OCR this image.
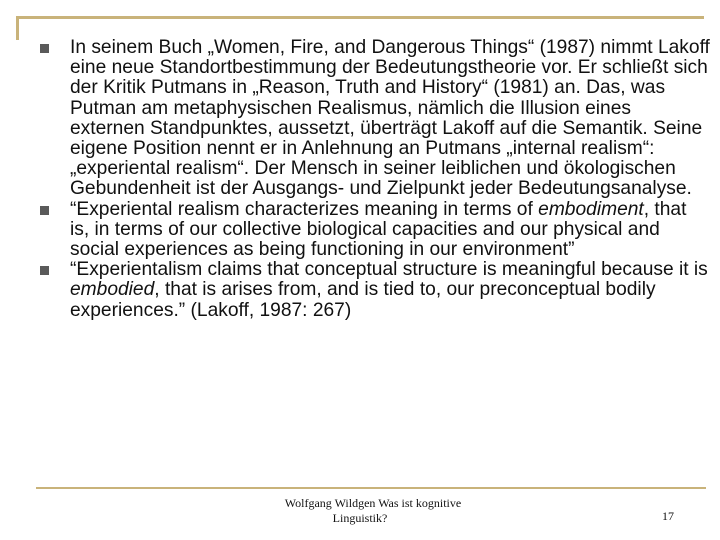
In seinem Buch „Women, Fire, and Dangerous Things“ (1987) nimmt Lakoff eine neue Standortbestimmung der Bedeutungstheorie vor. Er schließt sich der Kritik Putmans in „Reason, Truth and History“ (1981) an. Das, was Putman am metaphysischen Realismus, nämlich die Illusion eines externen Standpunktes, aussetzt, überträgt Lakoff auf die Semantik. Seine eigene Position nennt er in Anlehnung an Putmans „internal realism“: „experiental realism“. Der Mensch in seiner leiblichen und ökologischen Gebundenheit ist der Ausgangs- und Zielpunkt jeder Bedeutungsanalyse.

“Experiental realism characterizes meaning in terms of embodiment, that is, in terms of our collective biological capacities and our physical and social experiences as being functioning in our environment”

“Experientalism claims that conceptual structure is meaningful because it is embodied, that is arises from, and is tied to, our preconceptual bodily experiences.” (Lakoff, 1987: 267)

Wolfgang Wildgen Was ist kognitive
Linguistik?	17
